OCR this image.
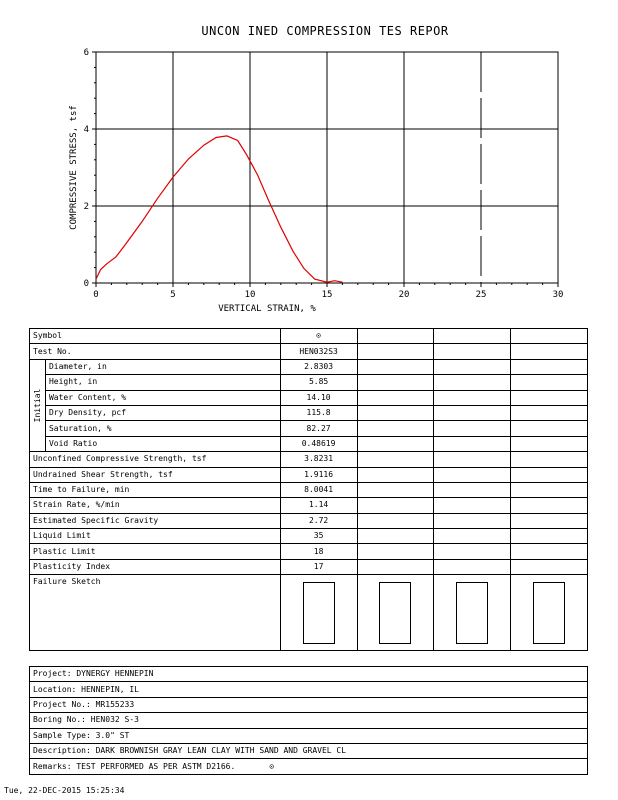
UNCON INED COMPRESSION TES REPOR
0	5	10	15	20	25	30
0
2
4
6
VERTICAL STRAIN, %
COMPRESSIVE STRESS, tsf
Symbol		⊙			
Test No.		HEN032S3			
Initial	Diameter, in	2.8303			
	Height, in	5.85			
	Water Content, %	14.10			
	Dry Density, pcf	115.8			
	Saturation, %	82.27			
	Void Ratio	0.48619			
Unconfined Compressive Strength, tsf		3.8231			
Undrained Shear Strength, tsf		1.9116			
Time to Failure, min		8.0041			
Strain Rate, %/min		1.14			
Estimated Specific Gravity		2.72			
Liquid Limit		35			
Plastic Limit		18			
Plasticity Index		17			
Failure Sketch		

Project: DYNERGY HENNEPIN
Location: HENNEPIN, IL
Project No.: MR155233
Boring No.: HEN032 S-3
Sample Type: 3.0" ST
Description: DARK BROWNISH GRAY LEAN CLAY WITH SAND AND GRAVEL CL
Remarks: TEST PERFORMED AS PER ASTM D2166.	⊙
Tue, 22-DEC-2015 15:25:34
